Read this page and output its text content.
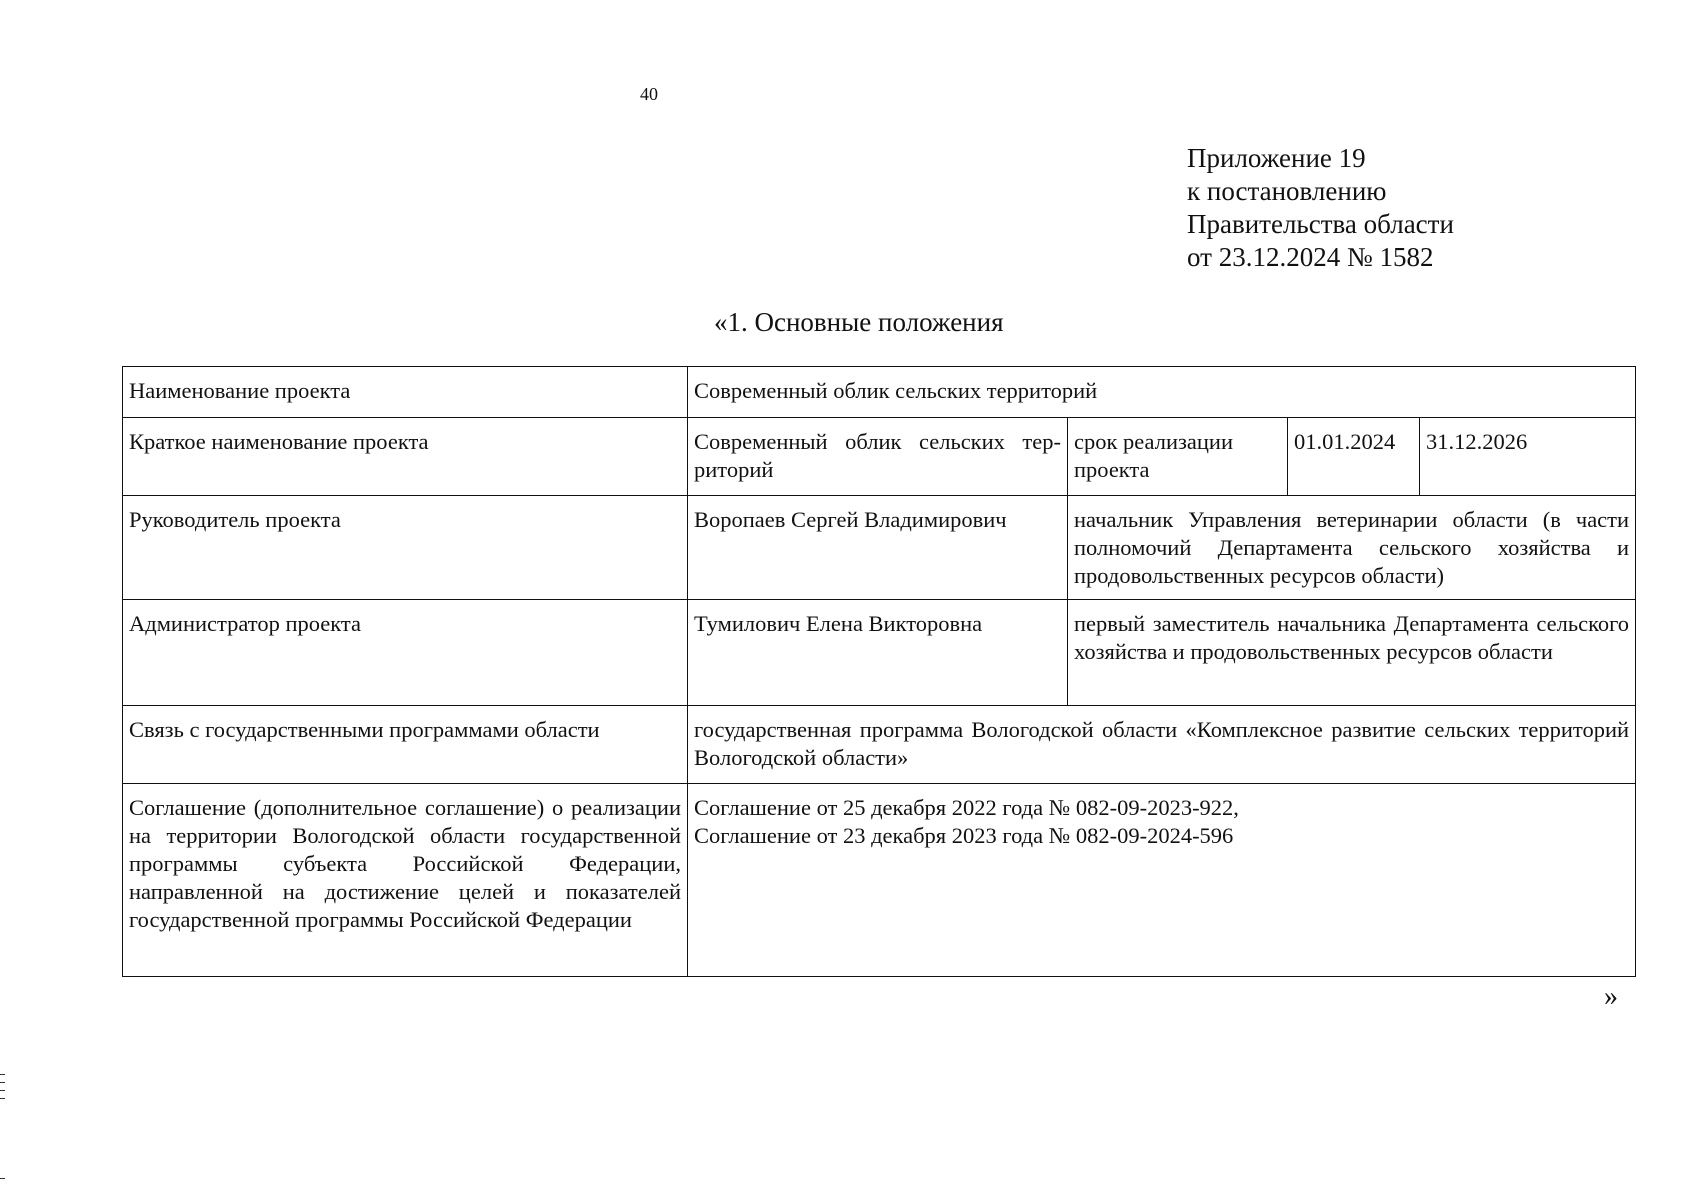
40
Приложение 19
к постановлению
Правительства области
от 23.12.2024 № 1582
«1. Основные положения
Наименование проекта	Современный облик сельских территорий			
Краткое наименование проекта	Современный облик сельских тер-риторий	срок реализации проекта	01.01.2024	31.12.2026
Руководитель проекта	Воропаев Сергей Владимирович	начальник Управления ветеринарии области (в части полномочий Департамента сельского хозяйства и продовольственных ресурсов области)		
Администратор проекта	Тумилович Елена Викторовна	первый заместитель начальника Департамента сельского хозяйства и продовольственных ресурсов области		
Связь с государственными программами области	государственная программа Вологодской области «Комплексное развитие сельских территорий Вологодской области»			
Соглашение (дополнительное соглашение) о реализации на территории Вологодской области государственной программы субъекта Российской Федерации, направленной на достижение целей и показателей государственной программы Российской Федерации	Соглашение от 25 декабря 2022 года № 082-09-2023-922,
Соглашение от 23 декабря 2023 года № 082-09-2024-596			
»
